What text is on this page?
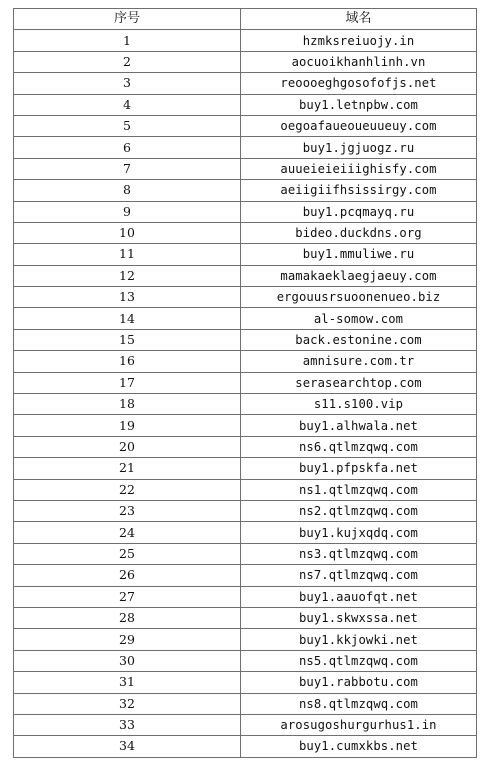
序号	域名
1	hzmksreiuojy.in
2	aocuoikhanhlinh.vn
3	reoooeghgosofofjs.net
4	buy1.letnpbw.com
5	oegoafaueoueuueuy.com
6	buy1.jgjuogz.ru
7	auueieieiiighisfy.com
8	aeiigiifhsissirgy.com
9	buy1.pcqmayq.ru
10	bideo.duckdns.org
11	buy1.mmuliwe.ru
12	mamakaeklaegjaeuy.com
13	ergouusrsuoonenueo.biz
14	al-somow.com
15	back.estonine.com
16	amnisure.com.tr
17	serasearchtop.com
18	s11.s100.vip
19	buy1.alhwala.net
20	ns6.qtlmzqwq.com
21	buy1.pfpskfa.net
22	ns1.qtlmzqwq.com
23	ns2.qtlmzqwq.com
24	buy1.kujxqdq.com
25	ns3.qtlmzqwq.com
26	ns7.qtlmzqwq.com
27	buy1.aauofqt.net
28	buy1.skwxssa.net
29	buy1.kkjowki.net
30	ns5.qtlmzqwq.com
31	buy1.rabbotu.com
32	ns8.qtlmzqwq.com
33	arosugoshurgurhus1.in
34	buy1.cumxkbs.net
